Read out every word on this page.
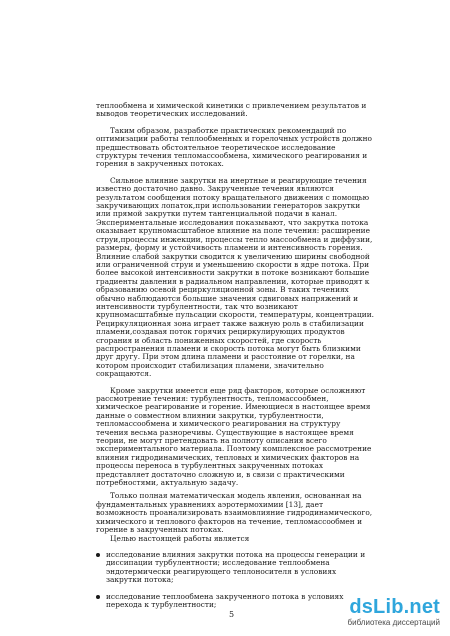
теплообмена и химической кинетики с привлечением результатов и выводов теоретических исследований.

Таким образом, разработке практических рекомендаций по оптимизации работы теплообменных и горелочных устройств должно предшествовать обстоятельное теоретическое исследование структуры течения тепломассообмена, химического реагирования и горения в закрученных потоках.

Сильное влияние закрутки на инертные и реагирующие течения известно достаточно давно. Закрученные течения являются результатом сообщения потоку вращательного движения с помощью закручивающих лопаток,при использовании генераторов закрутки или прямой закрутки путем тангенциальной подачи в канал. Экспериментальные исследования показывают, что закрутка потока оказывает крупномасштабное влияние на поле течения: расширение струи,процессы инжекции, процессы тепло массообмена и диффузии, размеры, форму и устойчивость пламени и интенсивность горения. Влияние слабой закрутки сводится к увеличению ширины свободной или ограниченной струи и уменьшению скорости в ядре потока. При более высокой интенсивности закрутки в потоке возникают большие градиенты давления в радиальном направлении, которые приводят к образованию осевой рециркуляционной зоны. В таких течениях обычно наблюдаются большие значения сдвиговых напряжений и интенсивности турбулентности, так что возникают крупномасштабные пульсации скорости, температуры, концентрации. Рециркуляционная зона играет также важную роль в стабилизации пламени,создавая поток горячих рециркулирующих продуктов сгорания и область пониженных скоростей, где скорость распространения пламени и скорость потока могут быть близкими друг другу. При этом длина пламени и расстояние от горелки, на котором происходит стабилизация пламени, значительно сокращаются.

Кроме закрутки имеется еще ряд факторов, которые осложняют рассмотрение течения: турбулентность, тепломассообмен, химическое реагирование и горение. Имеющиеся в настоящее время данные о совместном влиянии закрутки, турбулентности, тепломассообмена и химического реагирования на структуру течения весьма разноречивы. Существующие в настоящее время теории, не могут претендовать на полноту описания всего экспериментального материала. Поэтому комплексное рассмотрение влияния гидродинамических, тепловых и химических факторов на процессы переноса в турбулентных закрученных потоках представляет достаточно сложную и, в связи с практическими потребностями, актуальную задачу.

Только полная математическая модель явления, основанная на фундаментальных уравнениях аэротермохимии [13], дает возможность проанализировать взаимовлияние гидродинамического, химического и теплового факторов на течение, тепломассообмен и горение в закрученных потоках.

Целью настоящей работы является

исследование влияния закрутки потока на процессы генерации и диссипации турбулентности; исследование теплообмена эндотермически реагирующего теплоносителя в условиях закрутки потока;
исследование теплообмена закрученного потока в условиях перехода к турбулентности;
5	dsLib.net
библиотека диссертаций
